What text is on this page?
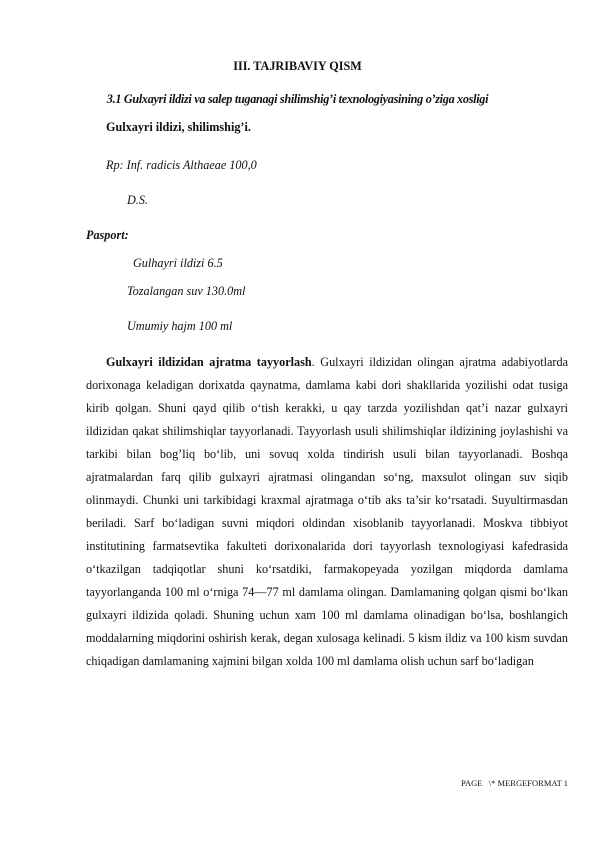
III. TAJRIBAVIY QISM
3.1 Gulxayri ildizi va salep tuganagi shilimshig’i texnologiyasining o’ziga xosligi
Gulxayri ildizi, shilimshig’i.
Rp: Inf. radicis Althaeae 100,0
D.S.
Pasport:
Gulhayri ildizi 6.5
Tozalangan suv 130.0ml
Umumiy hajm 100 ml

Gulxayri ildizidan ajratma tayyorlash. Gulxayri ildizidan olingan ajratma adabiyotlarda dorixonaga keladigan dorixatda qaynatma, damlama kabi dori shakllarida yozilishi odat tusiga kirib qolgan. Shuni qayd qilib o‘tish kerakki, u qay tarzda yozilishdan qat’i nazar gulxayri ildizidan qakat shilimshiqlar tayyorlanadi. Tayyorlash usuli shilimshiqlar ildizining joylashishi va tarkibi bilan bog’liq bo‘lib, uni sovuq xolda tindirish usuli bilan tayyorlanadi. Boshqa ajratmalardan farq qilib gulxayri ajratmasi olingandan so‘ng, maxsulot olingan suv siqib olinmaydi. Chunki uni tarkibidagi kraxmal ajratmaga o‘tib aks ta’sir ko‘rsatadi. Suyultirmasdan beriladi. Sarf bo‘ladigan suvni miqdori oldindan xisoblanib tayyorlanadi. Moskva tibbiyot institutining farmatsevtika fakulteti dorixonalarida dori tayyorlash texnologiyasi kafedrasida o‘tkazilgan tadqiqotlar shuni ko‘rsatdiki, farmakopeyada yozilgan miqdorda damlama tayyorlanganda 100 ml o‘rniga 74—77 ml damlama olingan. Damlamaning qolgan qismi bo‘lkan gulxayri ildizida qoladi. Shuning uchun xam 100 ml damlama olinadigan bo‘lsa, boshlangich moddalarning miqdorini oshirish kerak, degan xulosaga kelinadi. 5 kism ildiz va 100 kism suvdan chiqadigan damlamaning xajmini bilgan xolda 100 ml damlama olish uchun sarf bo‘ladigan

PAGE   \* MERGEFORMAT 1
